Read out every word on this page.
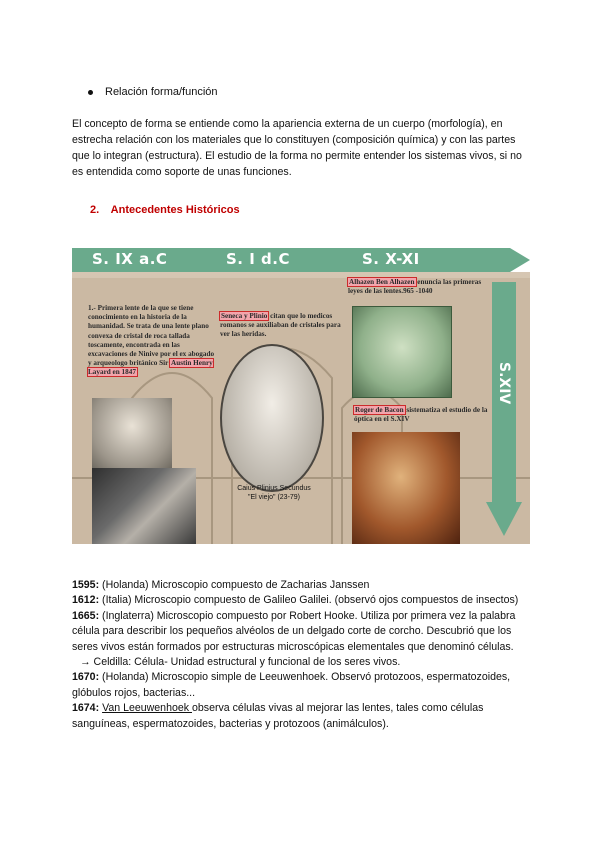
Relación forma/función
El concepto de forma se entiende como la apariencia externa de un cuerpo (morfología), en estrecha relación con los materiales que lo constituyen (composición química) y con las partes que lo integran (estructura). El estudio de la forma no permite entender los sistemas vivos, si no es entendida como soporte de unas funciones.
2. Antecedentes Históricos
S. IX a.C	S. I d.C	S. X-XI
S.XIV
1.- Primera lente de la que se tiene conocimiento en la historia de la humanidad. Se trata de una lente plano convexa de cristal de roca tallada toscamente, encontrada en las excavaciones de Ninive por el ex abogado y arqueologo británico Sir Austin Henry Layard en 1847
Seneca y Plinio citan que lo medicos romanos se auxiliaban de cristales para ver las heridas.
Alhazen Ben Alhazen enuncia las primeras leyes de las lentes.965 -1040
Roger de Bacon sistematiza el estudio de la óptica en el S.XIV
Caius Plinius Secundus
"El viejo" (23-79)

1595: (Holanda) Microscopio compuesto de Zacharias Janssen

1612: (Italia) Microscopio compuesto de Galileo Galilei. (observó ojos compuestos de insectos)

1665: (Inglaterra) Microscopio compuesto por Robert Hooke. Utiliza por primera vez la palabra célula para describir los pequeños alvéolos de un delgado corte de corcho. Descubrió que los seres vivos están formados por estructuras microscópicas elementales que denominó células.

→ Celdilla: Célula- Unidad estructural y funcional de los seres vivos.

1670: (Holanda) Microscopio simple de Leeuwenhoek. Observó protozoos, espermatozoides, glóbulos rojos, bacterias...

1674: Van Leeuwenhoek observa células vivas al mejorar las lentes, tales como células sanguíneas, espermatozoides, bacterias y protozoos (animálculos).
